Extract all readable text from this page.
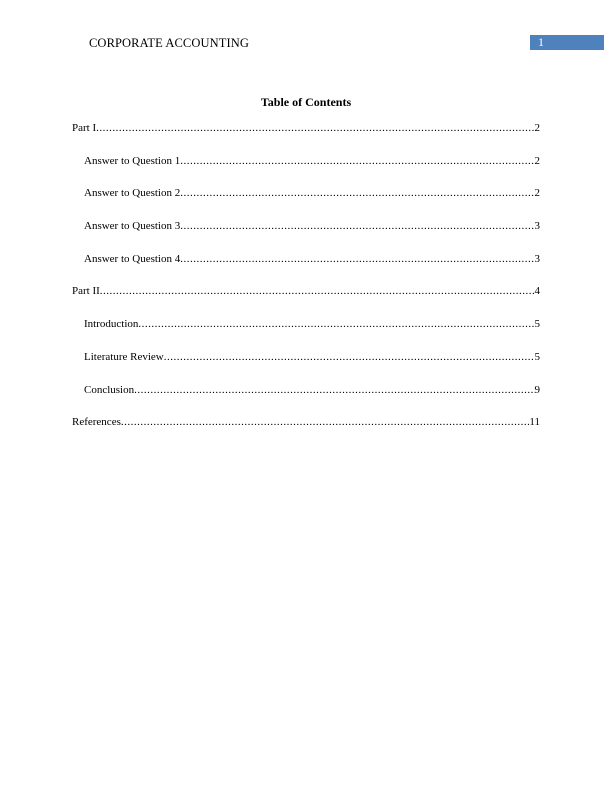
CORPORATE ACCOUNTING	1
Table of Contents
Part I .....	2
Answer to Question 1 .....	2
Answer to Question 2 .....	2
Answer to Question 3 .....	3
Answer to Question 4 .....	3
Part II .....	4
Introduction .....	5
Literature Review .....	5
Conclusion .....	9
References .....	11
